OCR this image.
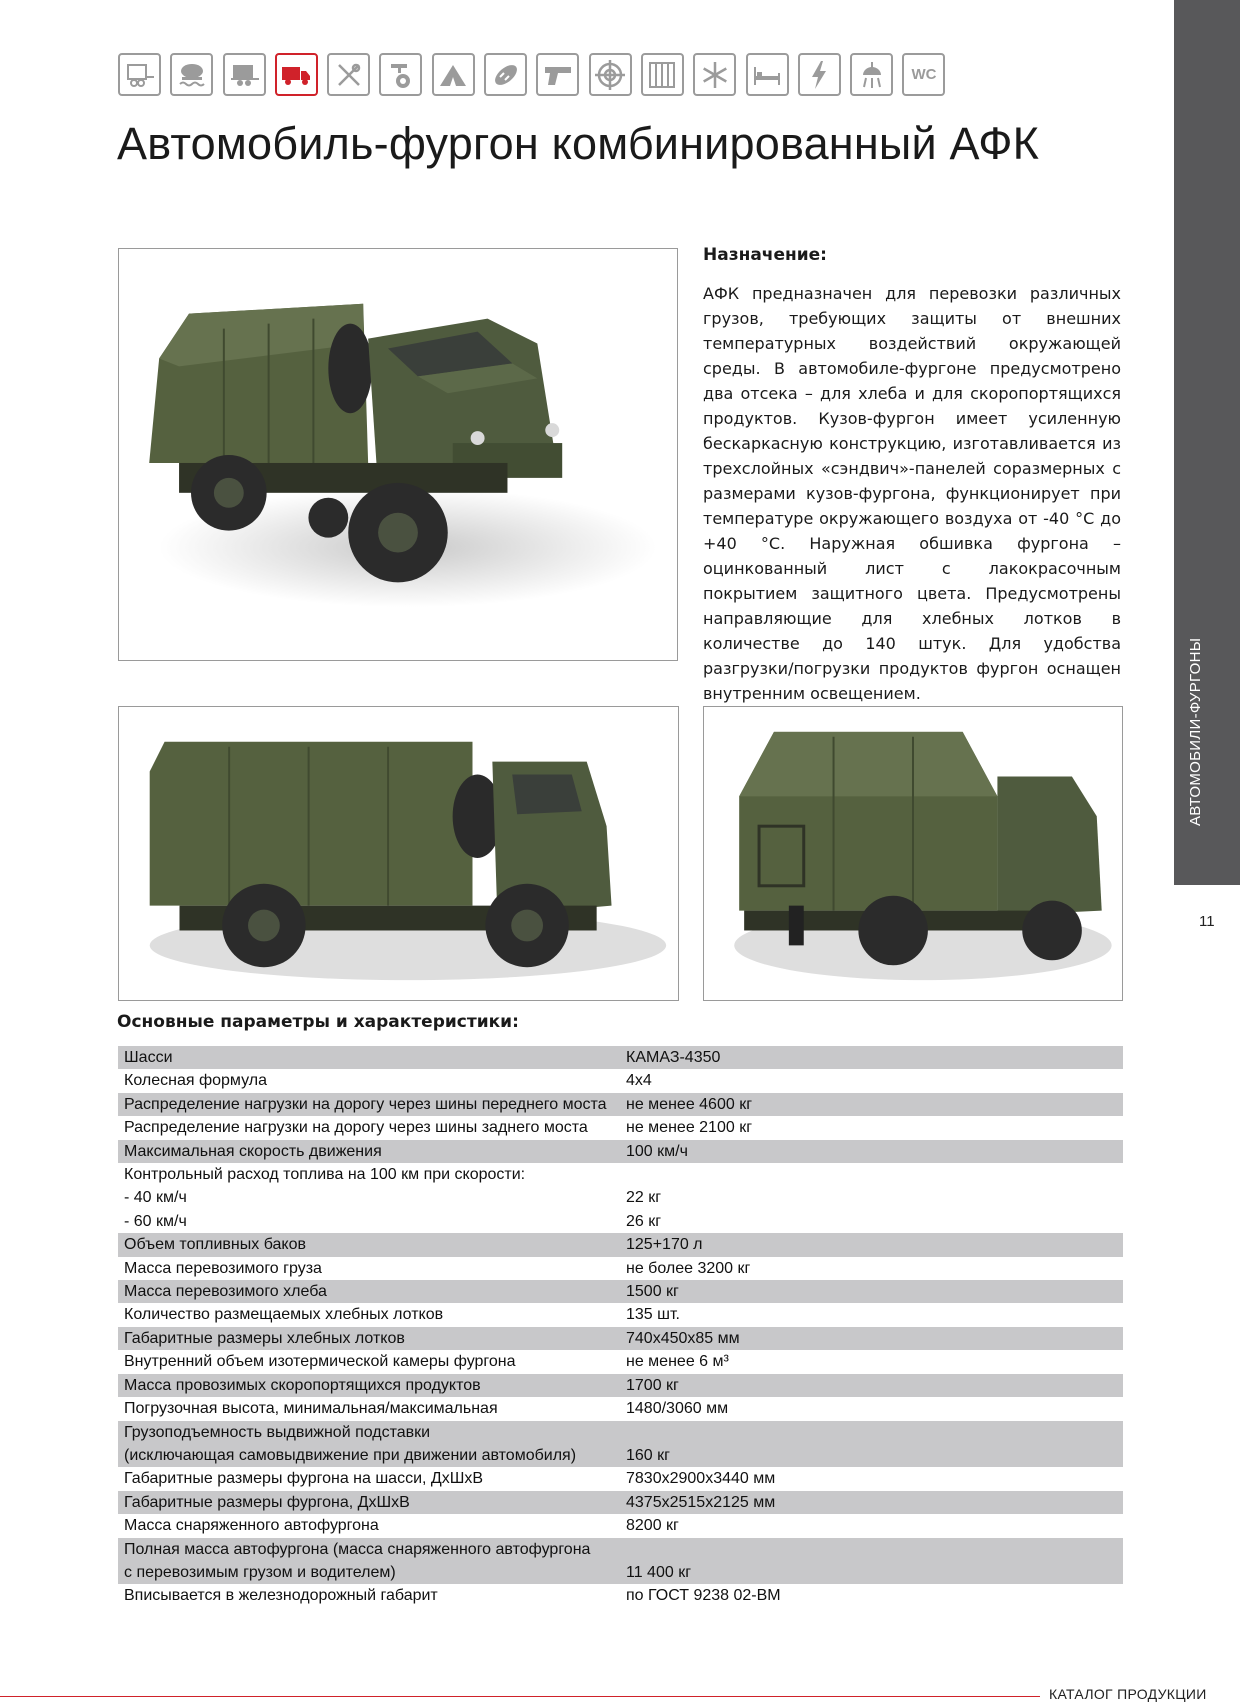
WC
Автомобиль-фургон комбинированный АФК
АВТОМОБИЛИ-ФУРГОНЫ
11
Назначение:
АФК предназначен для перевозки различных грузов, требующих защиты от внешних температурных воздействий окружающей среды. В автомобиле-фургоне предусмотрено два отсека – для хлеба и для скоропортящихся продуктов. Кузов-фургон имеет усиленную бескаркасную конструкцию, изготавливается из трехслойных «сэндвич»-панелей соразмерных с размерами кузов-фургона, функционирует при температуре окружающего воздуха от -40 °С до +40 °С. Наружная обшивка фургона – оцинкованный лист с лакокрасочным покрытием защитного цвета. Предусмотрены направляющие для хлебных лотков в количестве до 140 штук. Для удобства разгрузки/погрузки продуктов фургон оснащен внутренним освещением.
Основные параметры и характеристики:
Шасси	КАМАЗ-4350
Колесная формула	4х4
Распределение нагрузки на дорогу через шины переднего моста	не менее 4600 кг
Распределение нагрузки на дорогу через шины заднего моста	не менее 2100 кг
Максимальная скорость движения	100 км/ч
Контрольный расход топлива на 100 км при скорости:	
- 40 км/ч	22 кг
- 60 км/ч	26 кг
Объем топливных баков	125+170 л
Масса перевозимого груза	не более 3200 кг
Масса перевозимого хлеба	1500 кг
Количество размещаемых хлебных лотков	135 шт.
Габаритные размеры хлебных лотков	740х450х85 мм
Внутренний объем изотермической камеры фургона	не менее 6 м³
Масса провозимых скоропортящихся продуктов	1700 кг
Погрузочная высота, минимальная/максимальная	1480/3060 мм
Грузоподъемность выдвижной подставки	
(исключающая самовыдвижение при движении автомобиля)	160 кг
Габаритные размеры фургона на шасси, ДхШхВ	7830х2900х3440 мм
Габаритные размеры фургона, ДхШхВ	4375х2515х2125 мм
Масса снаряженного автофургона	8200 кг
Полная масса автофургона (масса снаряженного автофургона	
с перевозимым грузом и водителем)	11 400 кг
Вписывается в железнодорожный габарит	по ГОСТ 9238 02-ВМ
КАТАЛОГ ПРОДУКЦИИ
